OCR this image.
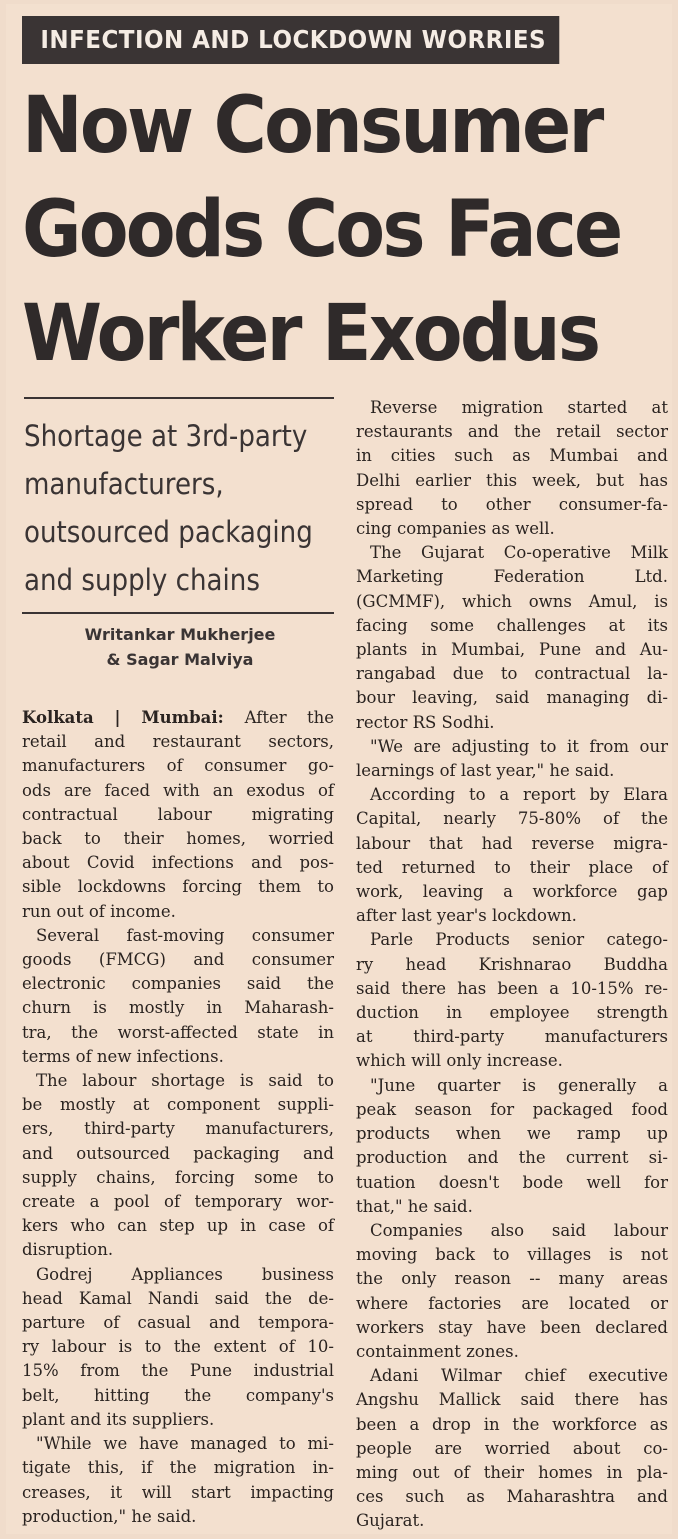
INFECTION AND LOCKDOWN WORRIES
Now Consumer
Goods Cos Face
Worker Exodus
Shortage at 3rd-party
manufacturers,
outsourced packaging
and supply chains
Writankar Mukherjee
& Sagar Malviya
Kolkata | Mumbai: After the
retail and restaurant sectors,
manufacturers of consumer go-
ods are faced with an exodus of
contractual labour migrating
back to their homes, worried
about Covid infections and pos-
sible lockdowns forcing them to
run out of income.
Several fast-moving consumer
goods (FMCG) and consumer
electronic companies said the
churn is mostly in Maharash-
tra, the worst-affected state in
terms of new infections.
The labour shortage is said to
be mostly at component suppli-
ers, third-party manufacturers,
and outsourced packaging and
supply chains, forcing some to
create a pool of temporary wor-
kers who can step up in case of
disruption.
Godrej Appliances business
head Kamal Nandi said the de-
parture of casual and tempora-
ry labour is to the extent of 10-
15% from the Pune industrial
belt, hitting the company's
plant and its suppliers.
"While we have managed to mi-
tigate this, if the migration in-
creases, it will start impacting
production," he said.
Reverse migration started at
restaurants and the retail sector
in cities such as Mumbai and
Delhi earlier this week, but has
spread to other consumer-fa-
cing companies as well.
The Gujarat Co-operative Milk
Marketing Federation Ltd.
(GCMMF), which owns Amul, is
facing some challenges at its
plants in Mumbai, Pune and Au-
rangabad due to contractual la-
bour leaving, said managing di-
rector RS Sodhi.
"We are adjusting to it from our
learnings of last year," he said.
According to a report by Elara
Capital, nearly 75-80% of the
labour that had reverse migra-
ted returned to their place of
work, leaving a workforce gap
after last year's lockdown.
Parle Products senior catego-
ry head Krishnarao Buddha
said there has been a 10-15% re-
duction in employee strength
at third-party manufacturers
which will only increase.
"June quarter is generally a
peak season for packaged food
products when we ramp up
production and the current si-
tuation doesn't bode well for
that," he said.
Companies also said labour
moving back to villages is not
the only reason -- many areas
where factories are located or
workers stay have been declared
containment zones.
Adani Wilmar chief executive
Angshu Mallick said there has
been a drop in the workforce as
people are worried about co-
ming out of their homes in pla-
ces such as Maharashtra and
Gujarat.
